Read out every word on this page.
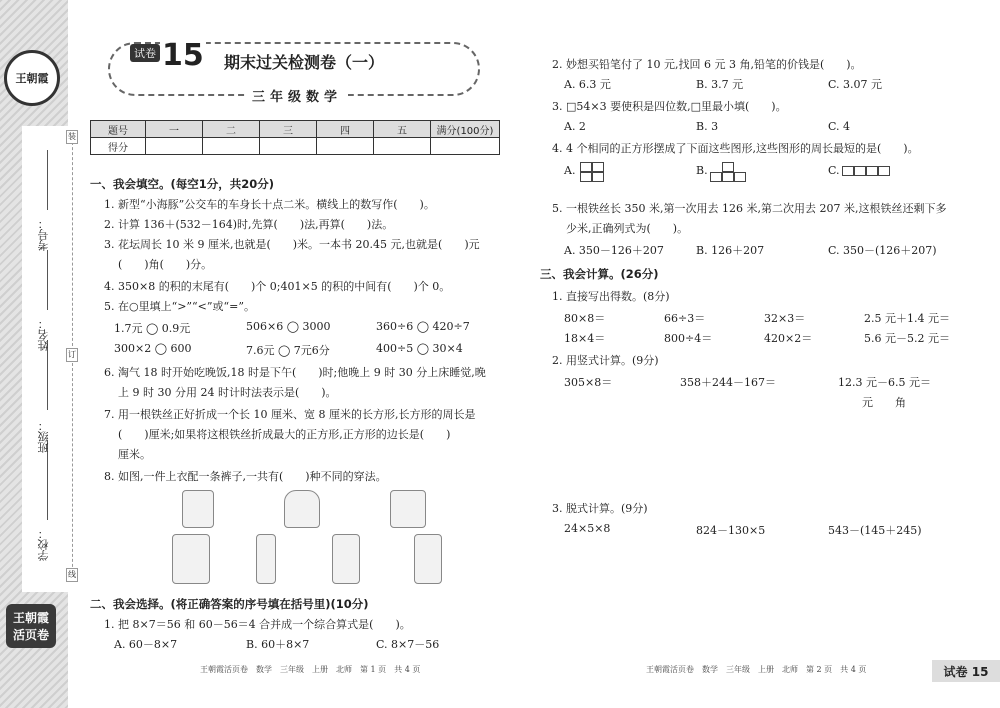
王朝霞
学校：
班级：
姓名：
考号：
装
订
线
王朝霞
活页卷
试卷 15 期末过关检测卷（一）
三年级数学
题号	一	二	三	四	五	满分(100分)
得分						
一、我会填空。(每空1分，共20分)
1. 新型“小海豚”公交车的车身长十点二米。横线上的数写作(　　)。
2. 计算 136＋(532－164)时,先算(　　)法,再算(　　)法。
3. 花坛周长 10 米 9 厘米,也就是(　　)米。一本书 20.45 元,也就是(　　)元
(　　)角(　　)分。
4. 350×8 的积的末尾有(　　)个 0;401×5 的积的中间有(　　)个 0。
5. 在○里填上“>”“<”或“=”。
1.7元 ◯ 0.9元	506×6 ◯ 3000	360÷6 ◯ 420÷7
300×2 ◯ 600	7.6元 ◯ 7元6分	400÷5 ◯ 30×4
6. 淘气 18 时开始吃晚饭,18 时是下午(　　)时;他晚上 9 时 30 分上床睡觉,晚
上 9 时 30 分用 24 时计时法表示是(　　)。
7. 用一根铁丝正好折成一个长 10 厘米、宽 8 厘米的长方形,长方形的周长是
(　　)厘米;如果将这根铁丝折成最大的正方形,正方形的边长是(　　)
厘米。
8. 如图,一件上衣配一条裤子,一共有(　　)种不同的穿法。
二、我会选择。(将正确答案的序号填在括号里)(10分)
1. 把 8×7＝56 和 60－56＝4 合并成一个综合算式是(　　)。
A. 60－8×7	B. 60＋8×7	C. 8×7－56
2. 妙想买铅笔付了 10 元,找回 6 元 3 角,铅笔的价钱是(　　)。
A. 6.3 元	B. 3.7 元	C. 3.07 元
3. □54×3 要使积是四位数,□里最小填(　　)。
A. 2	B. 3	C. 4
4. 4 个相同的正方形摆成了下面这些图形,这些图形的周长最短的是(　　)。
A.	B.	C.
5. 一根铁丝长 350 米,第一次用去 126 米,第二次用去 207 米,这根铁丝还剩下多
少米,正确列式为(　　)。
A. 350－126＋207	B. 126＋207	C. 350－(126＋207)
三、我会计算。(26分)
1. 直接写出得数。(8分)
80×8＝	66÷3＝	32×3＝	2.5 元＋1.4 元＝
18×4＝	800÷4＝	420×2＝	5.6 元－5.2 元＝
2. 用竖式计算。(9分)
305×8＝	358＋244－167＝	12.3 元－6.5 元＝
元　　角
3. 脱式计算。(9分)
24×5×8	824－130×5	543－(145＋245)
王朝霞活页卷　数学　三年级　上册　北师　第 1 页　共 4 页	王朝霞活页卷　数学　三年级　上册　北师　第 2 页　共 4 页	试卷 15
